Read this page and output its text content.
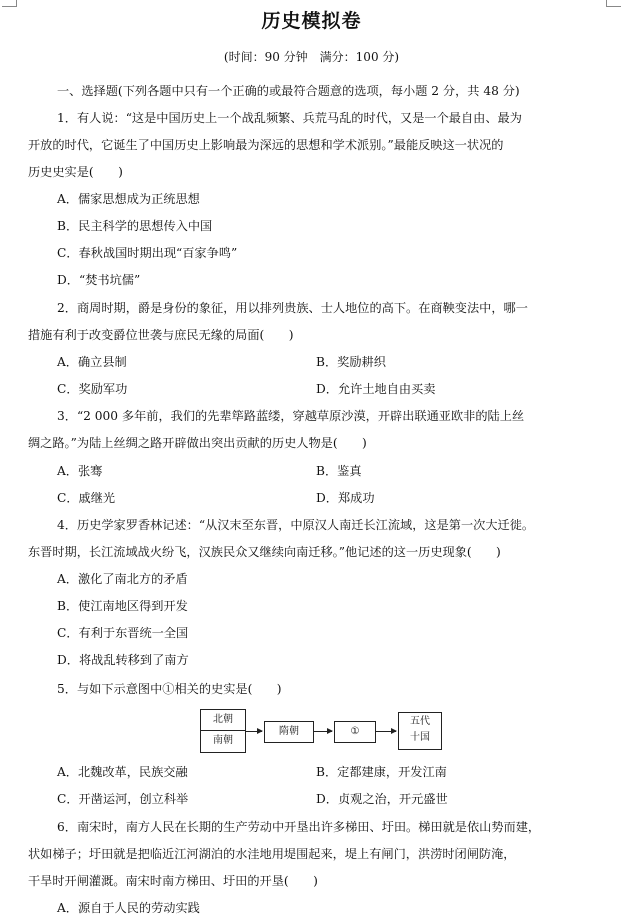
历史模拟卷
(时间：90 分钟　满分：100 分)
一、选择题(下列各题中只有一个正确的或最符合题意的选项，每小题 2 分，共 48 分)
1．有人说：“这是中国历史上一个战乱频繁、兵荒马乱的时代，又是一个最自由、最为
开放的时代，它诞生了中国历史上影响最为深远的思想和学术派别。”最能反映这一状况的
历史史实是(　　)
A．儒家思想成为正统思想
B．民主科学的思想传入中国
C．春秋战国时期出现“百家争鸣”
D．“焚书坑儒”
2．商周时期，爵是身份的象征，用以排列贵族、士人地位的高下。在商鞅变法中，哪一
措施有利于改变爵位世袭与庶民无缘的局面(　　)
A．确立县制	B．奖励耕织
C．奖励军功	D．允许土地自由买卖
3．“2 000 多年前，我们的先辈筚路蓝缕，穿越草原沙漠，开辟出联通亚欧非的陆上丝
绸之路。”为陆上丝绸之路开辟做出突出贡献的历史人物是(　　)
A．张骞	B．鉴真
C．戚继光	D．郑成功
4．历史学家罗香林记述：“从汉末至东晋，中原汉人南迁长江流域，这是第一次大迁徙。
东晋时期，长江流域战火纷飞，汉族民众又继续向南迁移。”他记述的这一历史现象(　　)
A．激化了南北方的矛盾
B．使江南地区得到开发
C．有利于东晋统一全国
D．将战乱转移到了南方
5．与如下示意图中①相关的史实是(　　)
北朝
南朝
隋朝	①
五代
十国
A．北魏改革，民族交融	B．定都建康，开发江南
C．开凿运河，创立科举	D．贞观之治，开元盛世
6．南宋时，南方人民在长期的生产劳动中开垦出许多梯田、圩田。梯田就是依山势而建，
状如梯子；圩田就是把临近江河湖泊的水洼地用堤围起来，堤上有闸门，洪涝时闭闸防淹，
干旱时开闸灌溉。南宋时南方梯田、圩田的开垦(　　)
A．源自于人民的劳动实践
